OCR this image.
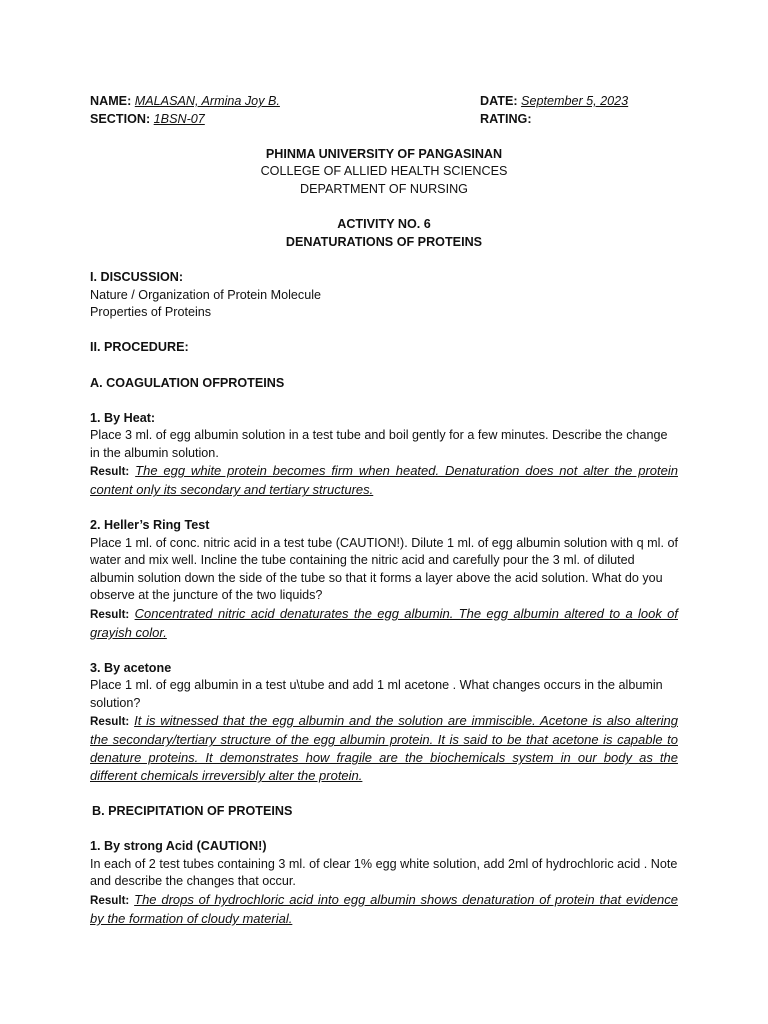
NAME: MALASAN, Armina Joy B.	DATE: September 5, 2023
SECTION: 1BSN-07	RATING:
PHINMA UNIVERSITY OF PANGASINAN
COLLEGE OF ALLIED HEALTH SCIENCES
DEPARTMENT OF NURSING
ACTIVITY NO. 6
DENATURATIONS OF PROTEINS
I. DISCUSSION:
Nature / Organization of Protein Molecule
Properties of Proteins
II. PROCEDURE:
A. COAGULATION OFPROTEINS
1. By Heat:
Place 3 ml. of egg albumin solution in a test tube and boil gently for a few minutes. Describe the change in the albumin solution.
Result: The egg white protein becomes firm when heated. Denaturation does not alter the protein content only its secondary and tertiary structures.
2. Heller’s Ring Test
Place 1 ml. of conc. nitric acid in a test tube (CAUTION!). Dilute 1 ml. of egg albumin solution with q ml. of water and mix well. Incline the tube containing the nitric acid and carefully pour the 3 ml. of diluted albumin solution down the side of the tube so that it forms a layer above the acid solution. What do you observe at the juncture of the two liquids?
Result: Concentrated nitric acid denaturates the egg albumin. The egg albumin altered to a look of grayish color.
3. By acetone
Place 1 ml. of egg albumin in a test u\tube and add 1 ml acetone . What changes occurs in the albumin solution?
Result: It is witnessed that the egg albumin and the solution are immiscible. Acetone is also altering the secondary/tertiary structure of the egg albumin protein. It is said to be that acetone is capable to denature proteins. It demonstrates how fragile are the biochemicals system in our body as the different chemicals irreversibly alter the protein.
B. PRECIPITATION OF PROTEINS
1. By strong Acid (CAUTION!)
In each of 2 test tubes containing 3 ml. of clear 1% egg white solution, add 2ml of hydrochloric acid . Note and describe the changes that occur.
Result: The drops of hydrochloric acid into egg albumin shows denaturation of protein that evidence by the formation of cloudy material.
